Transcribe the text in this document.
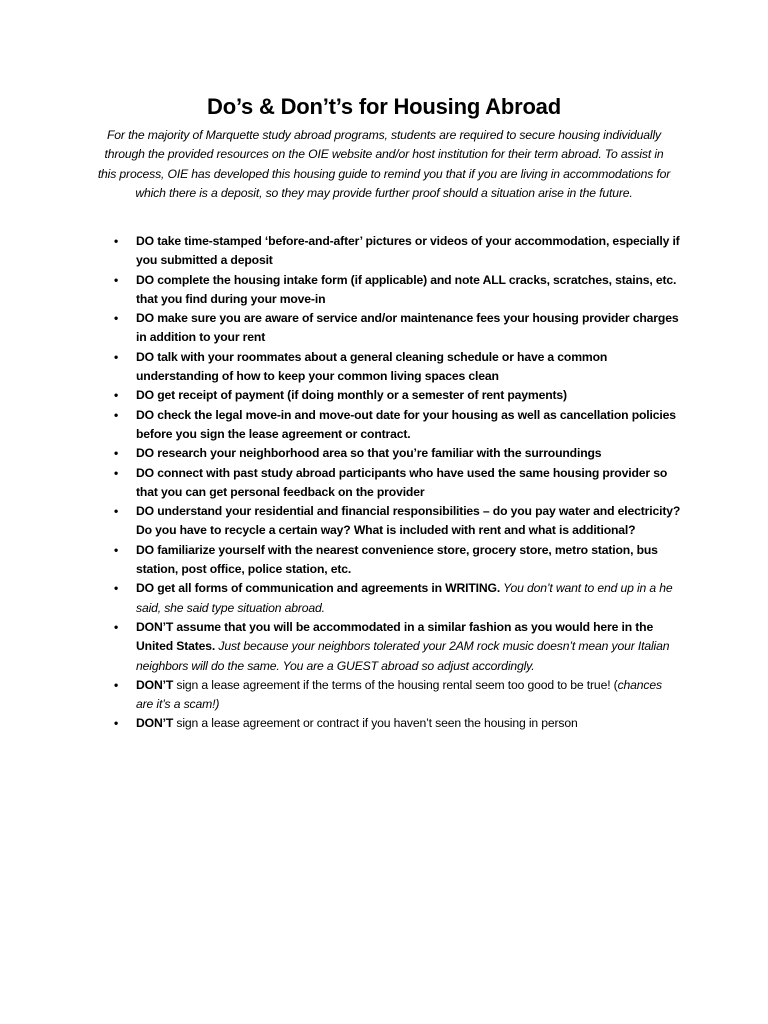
Do’s & Don’t’s for Housing Abroad
For the majority of Marquette study abroad programs, students are required to secure housing individually through the provided resources on the OIE website and/or host institution for their term abroad. To assist in this process, OIE has developed this housing guide to remind you that if you are living in accommodations for which there is a deposit, so they may provide further proof should a situation arise in the future.
• DO take time-stamped ‘before-and-after’ pictures or videos of your accommodation, especially if you submitted a deposit
• DO complete the housing intake form (if applicable) and note ALL cracks, scratches, stains, etc. that you find during your move-in
• DO make sure you are aware of service and/or maintenance fees your housing provider charges in addition to your rent
• DO talk with your roommates about a general cleaning schedule or have a common understanding of how to keep your common living spaces clean
• DO get receipt of payment (if doing monthly or a semester of rent payments)
• DO check the legal move-in and move-out date for your housing as well as cancellation policies before you sign the lease agreement or contract.
• DO research your neighborhood area so that you’re familiar with the surroundings
• DO connect with past study abroad participants who have used the same housing provider so that you can get personal feedback on the provider
• DO understand your residential and financial responsibilities – do you pay water and electricity? Do you have to recycle a certain way? What is included with rent and what is additional?
• DO familiarize yourself with the nearest convenience store, grocery store, metro station, bus station, post office, police station, etc.
• DO get all forms of communication and agreements in WRITING. You don’t want to end up in a he said, she said type situation abroad.
• DON’T assume that you will be accommodated in a similar fashion as you would here in the United States. Just because your neighbors tolerated your 2AM rock music doesn’t mean your Italian neighbors will do the same. You are a GUEST abroad so adjust accordingly.
• DON’T sign a lease agreement if the terms of the housing rental seem too good to be true! (chances are it’s a scam!)
• DON’T sign a lease agreement or contract if you haven’t seen the housing in person
